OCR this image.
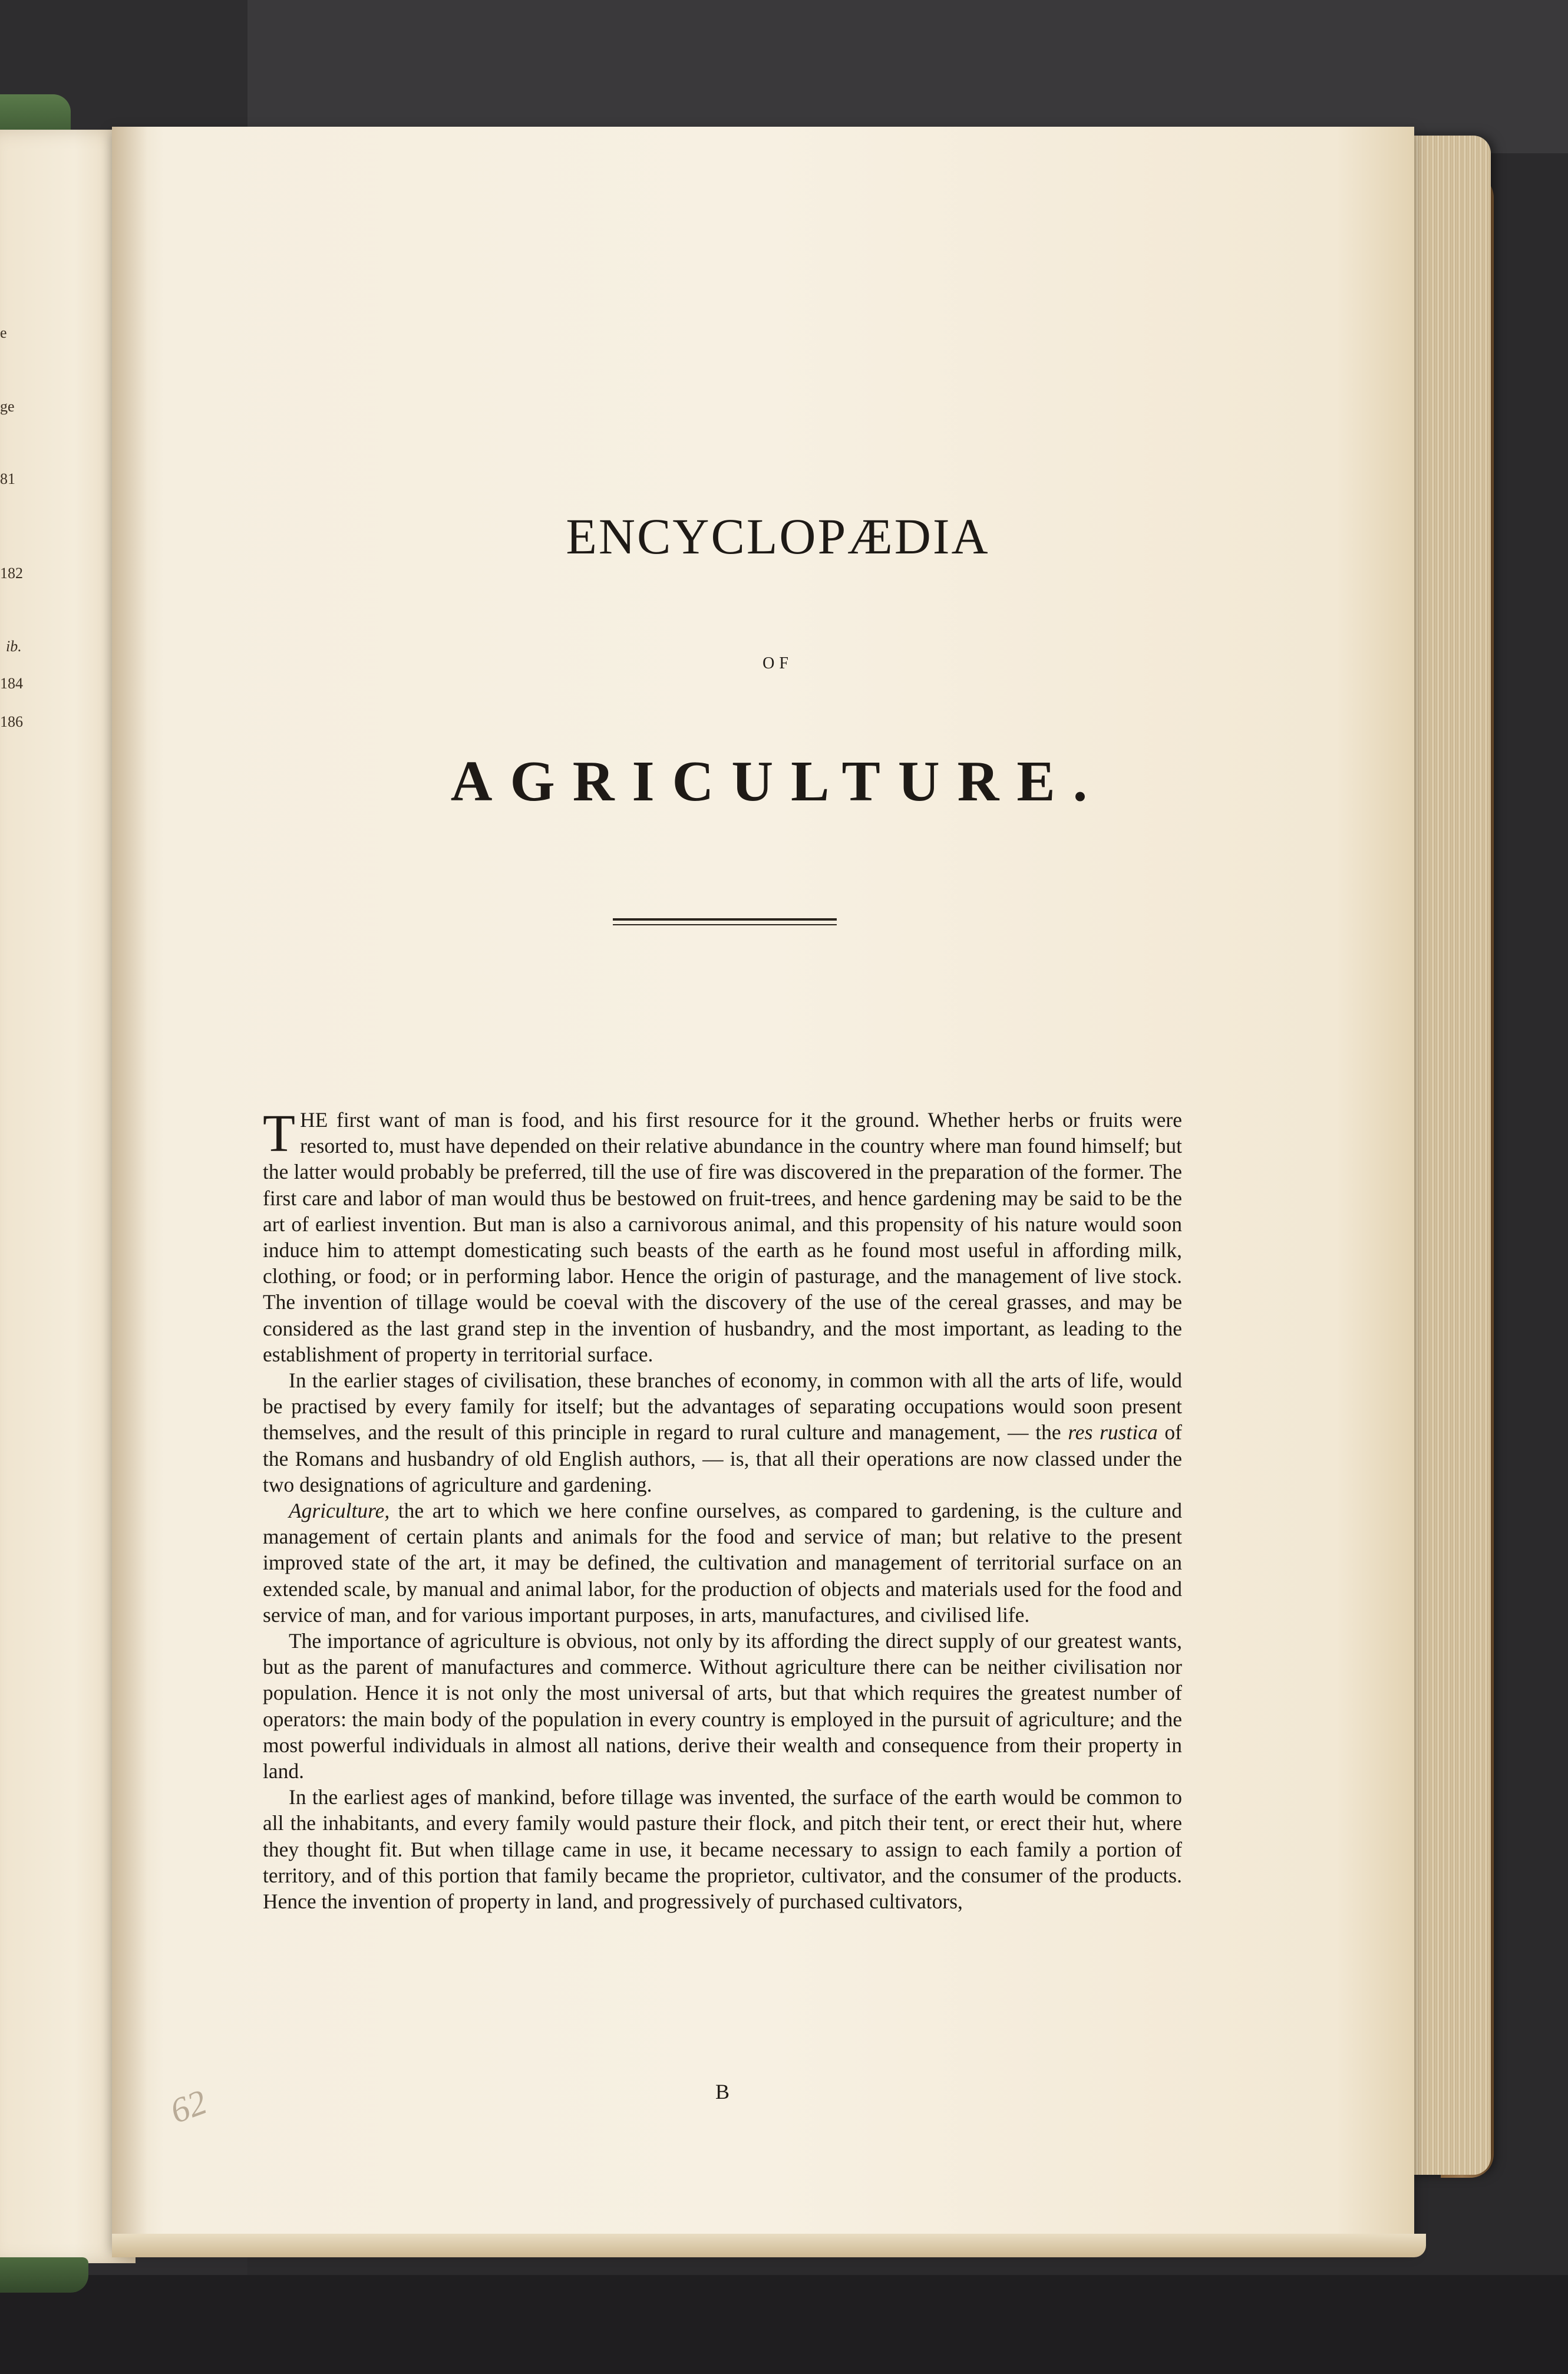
e
ge
81
182
ib.
184
186
ENCYCLOPÆDIA
OF
AGRICULTURE.

THE first want of man is food, and his first resource for it the ground. Whether herbs or fruits were resorted to, must have depended on their relative abundance in the country where man found himself; but the latter would probably be preferred, till the use of fire was discovered in the preparation of the former. The first care and labor of man would thus be bestowed on fruit-trees, and hence gardening may be said to be the art of earliest invention. But man is also a carnivorous animal, and this propensity of his nature would soon induce him to attempt domesticating such beasts of the earth as he found most useful in affording milk, clothing, or food; or in performing labor. Hence the origin of pasturage, and the management of live stock. The invention of tillage would be coeval with the discovery of the use of the cereal grasses, and may be considered as the last grand step in the invention of husbandry, and the most important, as leading to the establishment of property in territorial surface.

In the earlier stages of civilisation, these branches of economy, in common with all the arts of life, would be practised by every family for itself; but the advantages of separating occupations would soon present themselves, and the result of this principle in regard to rural culture and management, — the res rustica of the Romans and husbandry of old English authors, — is, that all their operations are now classed under the two designations of agriculture and gardening.

Agriculture, the art to which we here confine ourselves, as compared to gardening, is the culture and management of certain plants and animals for the food and service of man; but relative to the present improved state of the art, it may be defined, the cultivation and management of territorial surface on an extended scale, by manual and animal labor, for the production of objects and materials used for the food and service of man, and for various important purposes, in arts, manufactures, and civilised life.

The importance of agriculture is obvious, not only by its affording the direct supply of our greatest wants, but as the parent of manufactures and commerce. Without agriculture there can be neither civilisation nor population. Hence it is not only the most universal of arts, but that which requires the greatest number of operators: the main body of the population in every country is employed in the pursuit of agriculture; and the most powerful individuals in almost all nations, derive their wealth and consequence from their property in land.

In the earliest ages of mankind, before tillage was invented, the surface of the earth would be common to all the inhabitants, and every family would pasture their flock, and pitch their tent, or erect their hut, where they thought fit. But when tillage came in use, it became necessary to assign to each family a portion of territory, and of this portion that family became the proprietor, cultivator, and the consumer of the products. Hence the invention of property in land, and progressively of purchased cultivators,

B
62
